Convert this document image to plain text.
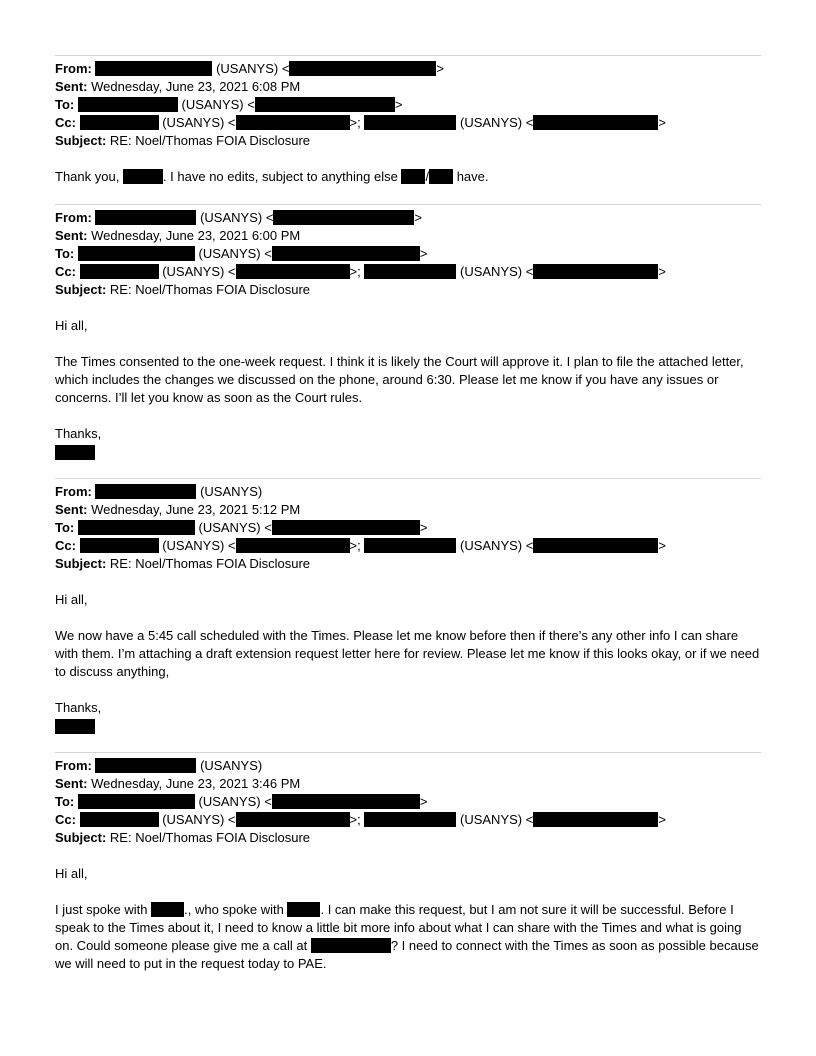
From:	(USANYS) <	>
Sent: Wednesday, June 23, 2021 6:08 PM
To:	(USANYS) <	>
Cc:	(USANYS) <	>;	(USANYS) <	>
Subject: RE: Noel/Thomas FOIA Disclosure

Thank you,	. I have no edits, subject to anything else / have.

From:	(USANYS) <	>
Sent: Wednesday, June 23, 2021 6:00 PM
To:	(USANYS) <	>
Cc:	(USANYS) <	>;	(USANYS) <	>
Subject: RE: Noel/Thomas FOIA Disclosure

Hi all,

The Times consented to the one-week request. I think it is likely the Court will approve it. I plan to file the attached letter, which includes the changes we discussed on the phone, around 6:30. Please let me know if you have any issues or concerns. I’ll let you know as soon as the Court rules.

Thanks,

From:	(USANYS)
Sent: Wednesday, June 23, 2021 5:12 PM
To:	(USANYS) <	>
Cc:	(USANYS) <	>;	(USANYS) <	>
Subject: RE: Noel/Thomas FOIA Disclosure

Hi all,

We now have a 5:45 call scheduled with the Times. Please let me know before then if there’s any other info I can share with them. I’m attaching a draft extension request letter here for review. Please let me know if this looks okay, or if we need to discuss anything,

Thanks,

From:	(USANYS)
Sent: Wednesday, June 23, 2021 3:46 PM
To:	(USANYS) <	>
Cc:	(USANYS) <	>;	(USANYS) <	>
Subject: RE: Noel/Thomas FOIA Disclosure

Hi all,

I just spoke with	., who spoke with	. I can make this request, but I am not sure it will be successful. Before I speak to the Times about it, I need to know a little bit more info about what I can share with the Times and what is going on. Could someone please give me a call at	? I need to connect with the Times as soon as possible because we will need to put in the request today to PAE.
